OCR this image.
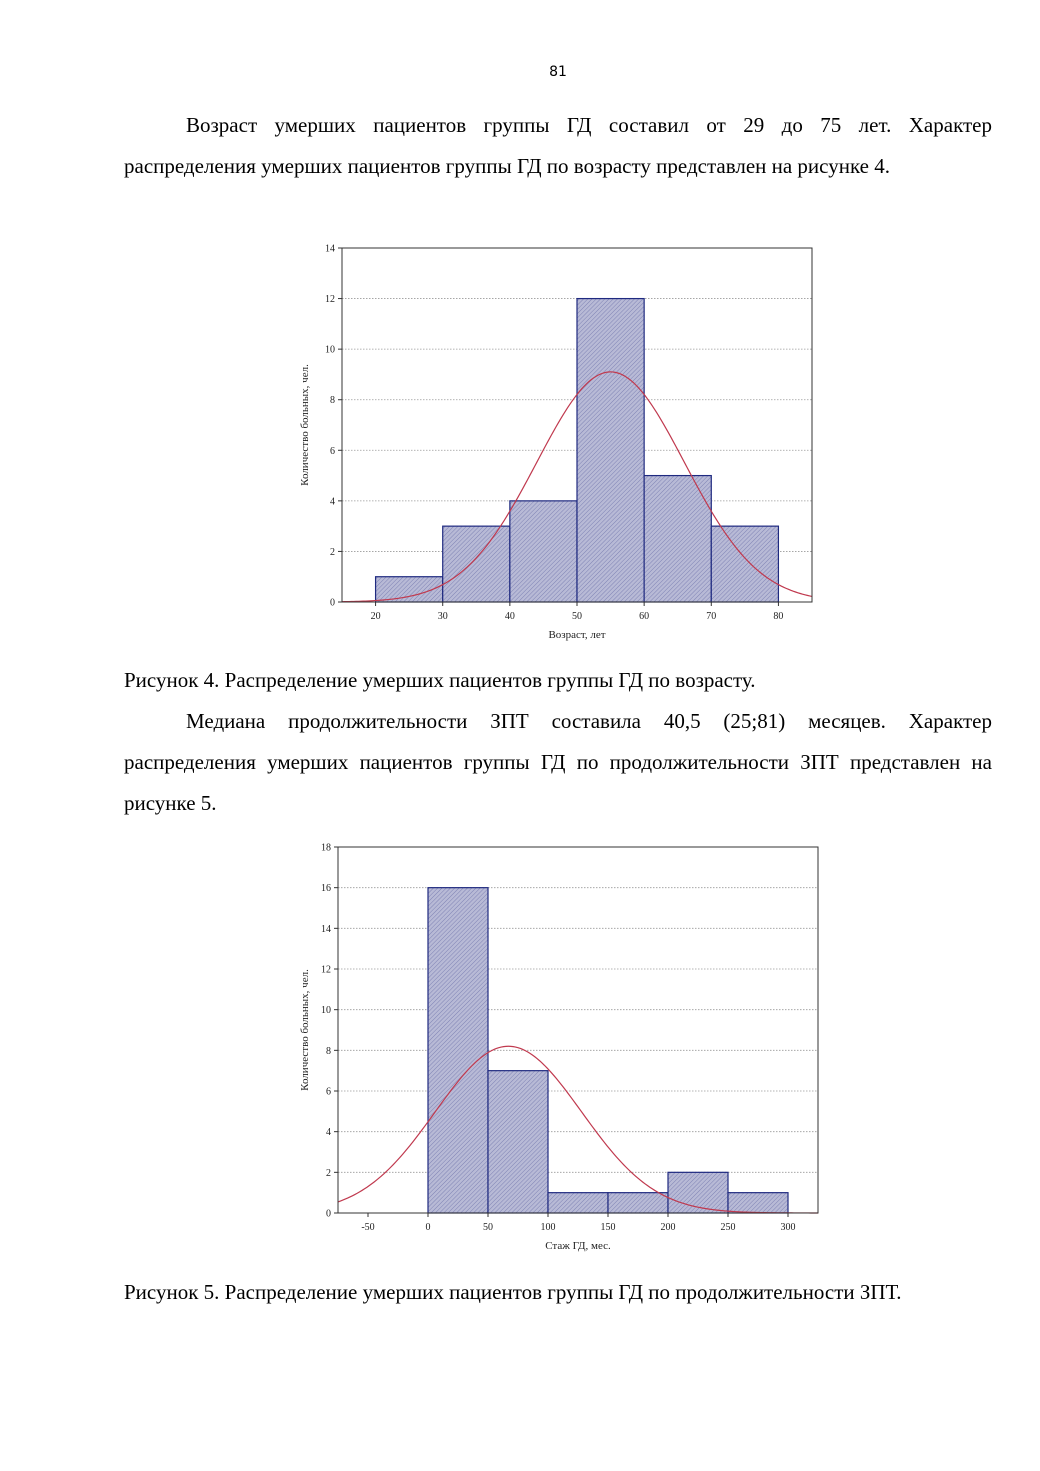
81

Возраст умерших пациентов группы ГД составил от 29 до 75 лет. Характер распределения умерших пациентов группы ГД по возрасту представлен на рисунке 4.

0
2
4
6
8
10
12
14
20	30	40	50	60	70	80
Возраст, лет
Количество больных, чел.

Рисунок 4. Распределение умерших пациентов группы ГД по возрасту.

Медиана продолжительности ЗПТ составила 40,5 (25;81) месяцев. Характер распределения умерших пациентов группы ГД по продолжительности ЗПТ представлен на рисунке 5.

0
2
4
6
8
10
12
14
16
18
-50	0	50	100	150	200	250	300
Стаж ГД, мес.
Количество больных, чел.

Рисунок 5. Распределение умерших пациентов группы ГД по продолжительности ЗПТ.
